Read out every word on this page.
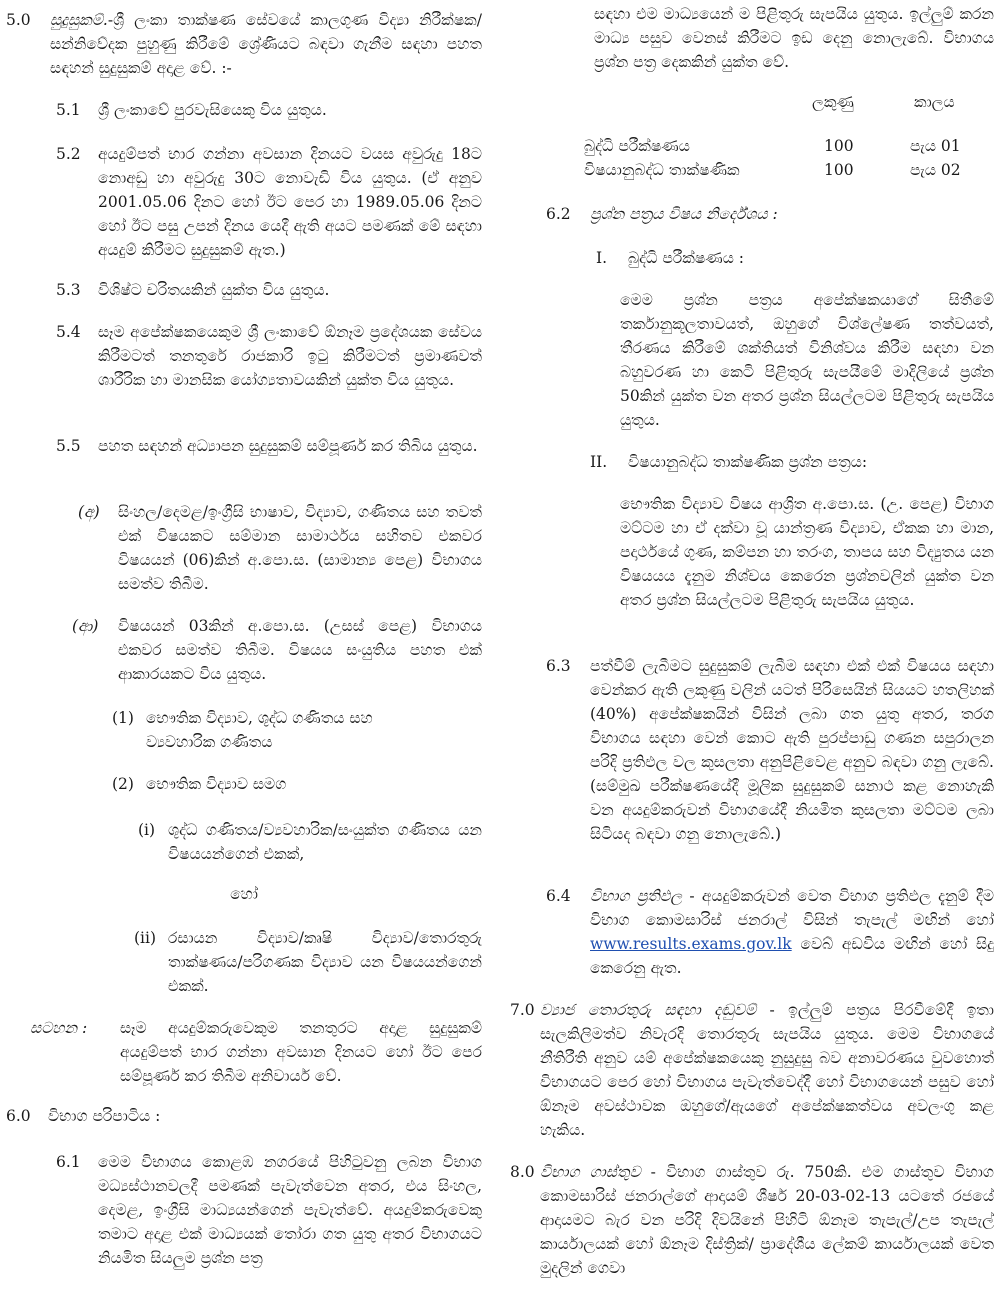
5.0 සුදුසුකම්.-ශ්‍රී ලංකා තාක්ෂණ සේවයේ කාලගුණ විද්‍යා නිරීක්ෂක/ සන්නිවේදක පුහුණු කිරීමේ ශ්‍රේණියට බඳවා ගැනීම සඳහා පහත සඳහන් සුදුසුකම් අදාළ වේ. :-
5.1 ශ්‍රී ලංකාවේ පුරවැසියෙකු විය යුතුය.
5.2 අයදුම්පත් භාර ගන්නා අවසාන දිනයට වයස අවුරුදු 18ට නොඅඩු හා අවුරුදු 30ට නොවැඩි විය යුතුය. (ඒ අනුව 2001.05.06 දිනට හෝ ඊට පෙර හා 1989.05.06 දිනට හෝ ඊට පසු උපන් දිනය යෙදී ඇති අයට පමණක් මේ සඳහා අයදුම් කිරීමට සුදුසුකම් ඇත.)
5.3 විශිෂ්ට චරිතයකින් යුක්ත විය යුතුය.
5.4 සෑම අපේක්ෂකයෙකුම ශ්‍රී ලංකාවේ ඕනෑම ප්‍රදේශයක සේවය කිරීමටත් තනතුරේ රාජකාරි ඉටු කිරීමටත් ප්‍රමාණවත් ශාරීරික හා මානසික යෝග්‍යතාවයකින් යුක්ත විය යුතුය.
5.5 පහත සඳහන් අධ්‍යාපන සුදුසුකම් සම්පූර්ණ කර තිබිය යුතුය.
(අ) සිංහල/දෙමළ/ඉංග්‍රීසි භාෂාව, විද්‍යාව, ගණිතය සහ තවත් එක් විෂයකට සම්මාන සාමාර්ථය සහිතව එකවර විෂයයන් (06)කින් අ.පො.ස. (සාමාන්‍ය පෙළ) විභාගය සමත්ව තිබීම.
(ආ) විෂයයන් 03කින් අ.පො.ස. (උසස් පෙළ) විභාගය එකවර සමත්ව තිබීම. විෂයය සංයුතිය පහත එක් ආකාරයකට විය යුතුය.
(1) භෞතික විද්‍යාව, ශුද්ධ ගණිතය සහ ව්‍යවහාරික ගණිතය
(2) භෞතික විද්‍යාව සමග
(i) ශුද්ධ ගණිතය/ව්‍යවහාරික/සංයුක්ත ගණිතය යන විෂයයන්ගෙන් එකක්,
හෝ
(ii) රසායන විද්‍යාව/කෘෂි විද්‍යාව/තොරතුරු තාක්ෂණය/පරිගණක විද්‍යාව යන විෂයයන්ගෙන් එකක්.
සටහන : සෑම අයදුම්කරුවෙකුම තනතුරට අදාළ සුදුසුකම් අයදුම්පත් භාර ගන්නා අවසාන දිනයට හෝ ඊට පෙර සම්පූර්ණ කර තිබීම අනිවාර්ය වේ.
6.0 විභාග පරිපාටිය :
6.1 මෙම විභාගය කොළඹ නගරයේ පිහිටුවනු ලබන විභාග මධ්‍යස්ථානවලදී පමණක් පැවැත්වෙන අතර, එය සිංහල, දෙමළ, ඉංග්‍රීසි මාධ්‍යයන්ගෙන් පැවැත්වේ. අයදුම්කරුවෙකු තමාට අදාළ එක් මාධ්‍යයක් තෝරා ගත යුතු අතර විභාගයට නියමිත සියලුම ප්‍රශ්න පත්‍ර
සඳහා එම මාධ්‍යයෙන් ම පිළිතුරු සැපයිය යුතුය. ඉල්ලුම් කරන මාධ්‍ය පසුව වෙනස් කිරීමට ඉඩ දෙනු නොලැබේ. විභාගය ප්‍රශ්න පත්‍ර දෙකකින් යුක්ත වේ.
ලකුණු	කාලය
බුද්ධි පරීක්ෂණය	100	පැය 01
විෂයානුබද්ධ තාක්ෂණික	100	පැය 02
6.2 ප්‍රශ්න පත්‍රය විෂය නිර්දේශය :
I. බුද්ධි පරීක්ෂණය :
මෙම ප්‍රශ්න පත්‍රය අපේක්ෂකයාගේ සිතීමේ තර්කානුකූලතාවයත්, ඔහුගේ විශ්ලේෂණ තත්වයත්, තීරණය කිරීමේ ශක්තියත් විනිශ්වය කිරීම සඳහා වන බහුවරණ හා කෙටි පිළිතුරු සැපයීමේ මාදිලියේ ප්‍රශ්න 50කින් යුක්ත වන අතර ප්‍රශ්න සියල්ලටම පිළිතුරු සැපයිය යුතුය.
II. විෂයානුබද්ධ තාක්ෂණික ප්‍රශ්න පත්‍රය:
භෞතික විද්‍යාව විෂය ආශ්‍රිත අ.පො.ස. (උ. පෙළ) විභාග මට්ටම හා ඒ දක්වා වූ යාන්ත්‍රණ විද්‍යාව, ඒකක හා මාන, පදාර්ථයේ ගුණ, කම්පන හා තරංග, තාපය සහ විද්‍යුතය යන විෂයයය දැනුම නිශ්චය කෙරෙන ප්‍රශ්නවලින් යුක්ත වන අතර ප්‍රශ්න සියල්ලටම පිළිතුරු සැපයිය යුතුය.
6.3 පත්වීම් ලැබීමට සුදුසුකම් ලැබීම සඳහා එක් එක් විෂයය සඳහා වෙන්කර ඇති ලකුණු වලින් යටත් පිරිසෙයින් සියයට හතලිහක් (40%) අපේක්ෂකයින් විසින් ලබා ගත යුතු අතර, තරග විභාගය සඳහා වෙන් කොට ඇති පුරප්පාඩු ගණන සපුරාලන පරිදි ප්‍රතිඵල වල කුසලතා අනුපිළිවෙළ අනුව බඳවා ගනු ලැබේ. (සම්මුඛ පරීක්ෂණයේදී මූලික සුදුසුකම් සනාථ කළ නොහැකි වන අයදුම්කරුවන් විභාගයේදී නියමිත කුසලතා මට්ටම ලබා සිටියද බඳවා ගනු නොලැබේ.)
6.4 විභාග ප්‍රතිඵල - අයදුම්කරුවන් වෙත විභාග ප්‍රතිඵල දැනුම් දීම විභාග කොමසාරිස් ජනරාල් විසින් තැපැල් මඟින් හෝ www.results.exams.gov.lk වෙබ් අඩවිය මඟින් හෝ සිදු කෙරෙනු ඇත.
7.0 ව්‍යාජ තොරතුරු සඳහා දඬුවම් - ඉල්ලුම් පත්‍රය පිරවීමේදී ඉතා සැලකිලිමත්ව නිවැරදි තොරතුරු සැපයිය යුතුය. මෙම විභාගයේ නීතිරීති අනුව යම් අපේක්ෂකයෙකු නුසුදුසු බව අනාවරණය වුවහොත් විභාගයට පෙර හෝ විභාගය පැවැත්වෙද්දී හෝ විභාගයෙන් පසුව හෝ ඕනෑම අවස්ථාවක ඔහුගේ/ඇයගේ අපේක්ෂකත්වය අවලංගු කළ හැකිය.
8.0 විභාග ගාස්තුව - විභාග ගාස්තුව රු. 750කි. එම ගාස්තුව විභාග කොමසාරිස් ජනරාල්ගේ ආදායම් ශීර්ෂ 20-03-02-13 යටතේ රජයේ ආදායමට බැර වන පරිදි දිවයිනේ පිහිටි ඕනෑම තැපැල්/උප තැපැල් කාර්යාලයක් හෝ ඕනෑම දිස්ත්‍රික්/ ප්‍රාදේශීය ලේකම් කාර්යාලයක් වෙත මුදලින් ගෙවා
